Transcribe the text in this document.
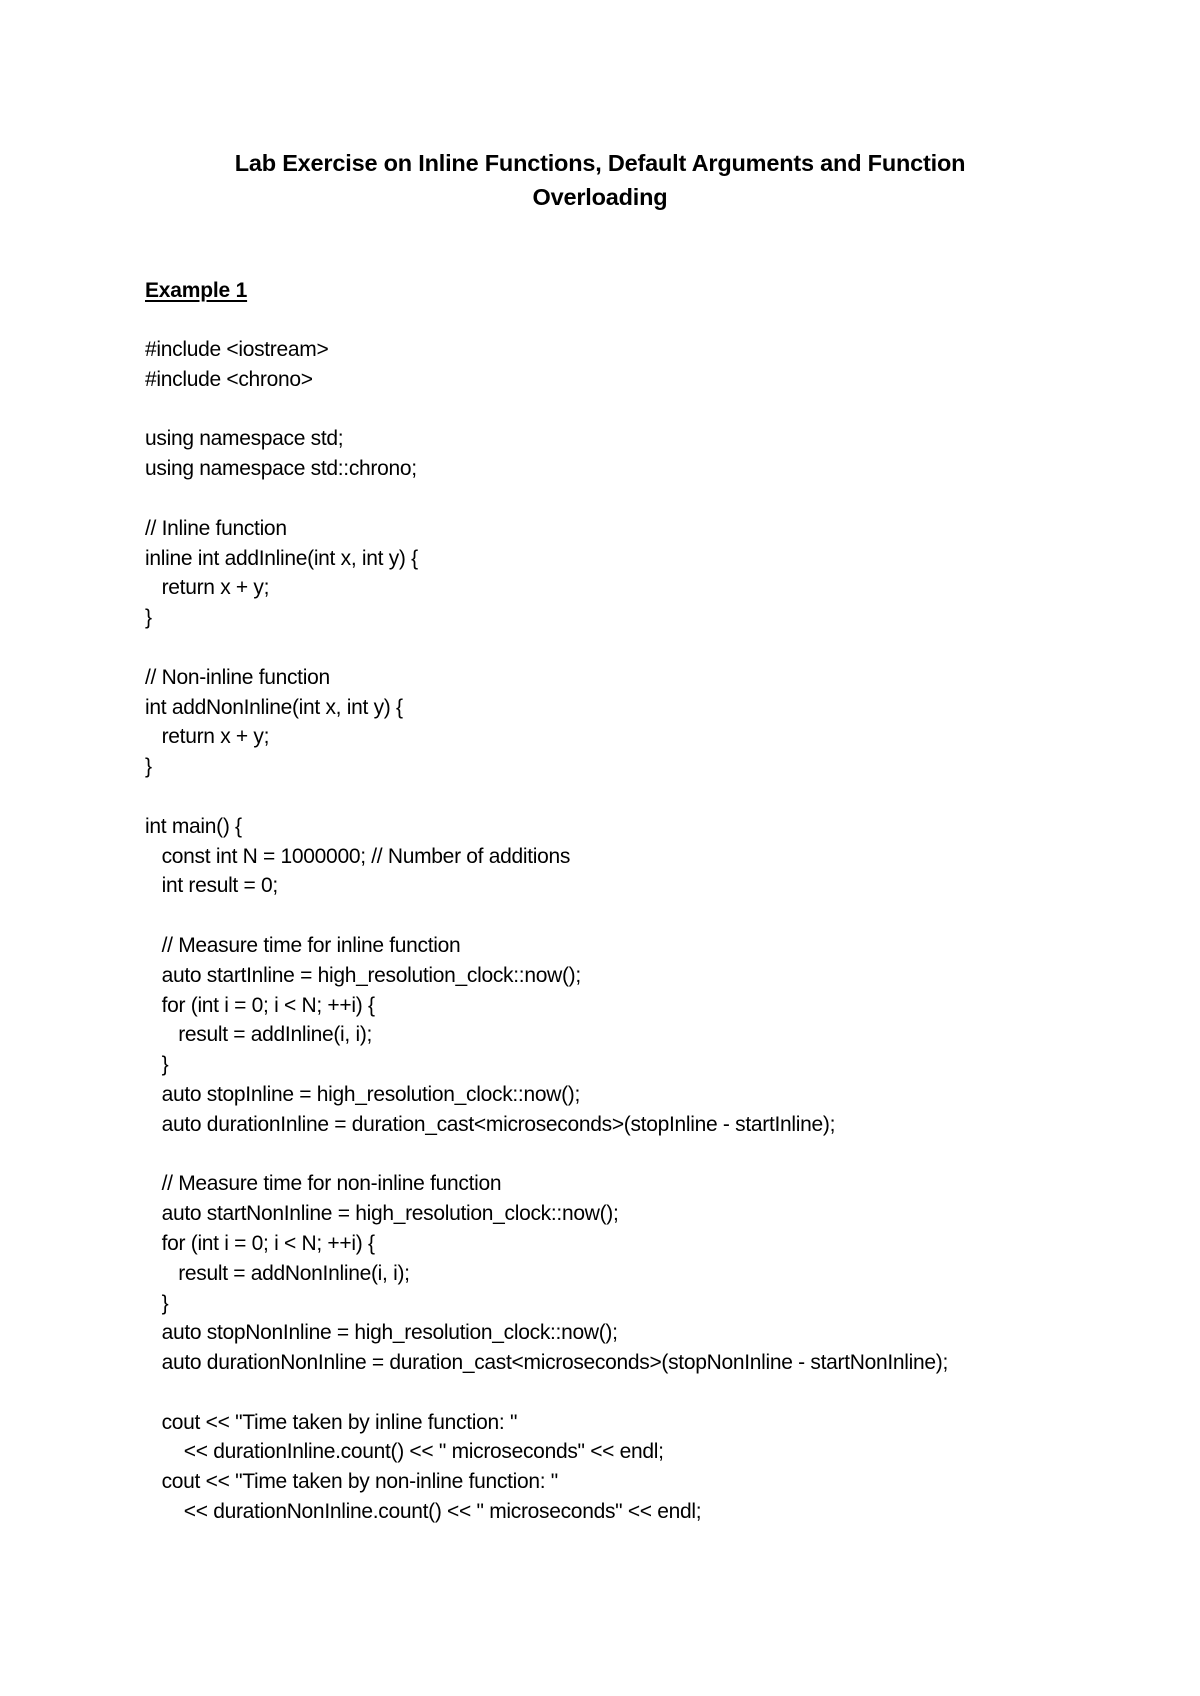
Lab Exercise on Inline Functions, Default Arguments and Function
Overloading
Example 1
#include <iostream>
#include <chrono>
using namespace std;
using namespace std::chrono;
// Inline function
inline int addInline(int x, int y) {
return x + y;
}
// Non-inline function
int addNonInline(int x, int y) {
return x + y;
}
int main() {
const int N = 1000000; // Number of additions
int result = 0;
// Measure time for inline function
auto startInline = high_resolution_clock::now();
for (int i = 0; i < N; ++i) {
result = addInline(i, i);
}
auto stopInline = high_resolution_clock::now();
auto durationInline = duration_cast<microseconds>(stopInline - startInline);
// Measure time for non-inline function
auto startNonInline = high_resolution_clock::now();
for (int i = 0; i < N; ++i) {
result = addNonInline(i, i);
}
auto stopNonInline = high_resolution_clock::now();
auto durationNonInline = duration_cast<microseconds>(stopNonInline - startNonInline);
cout << "Time taken by inline function: "
<< durationInline.count() << " microseconds" << endl;
cout << "Time taken by non-inline function: "
<< durationNonInline.count() << " microseconds" << endl;
